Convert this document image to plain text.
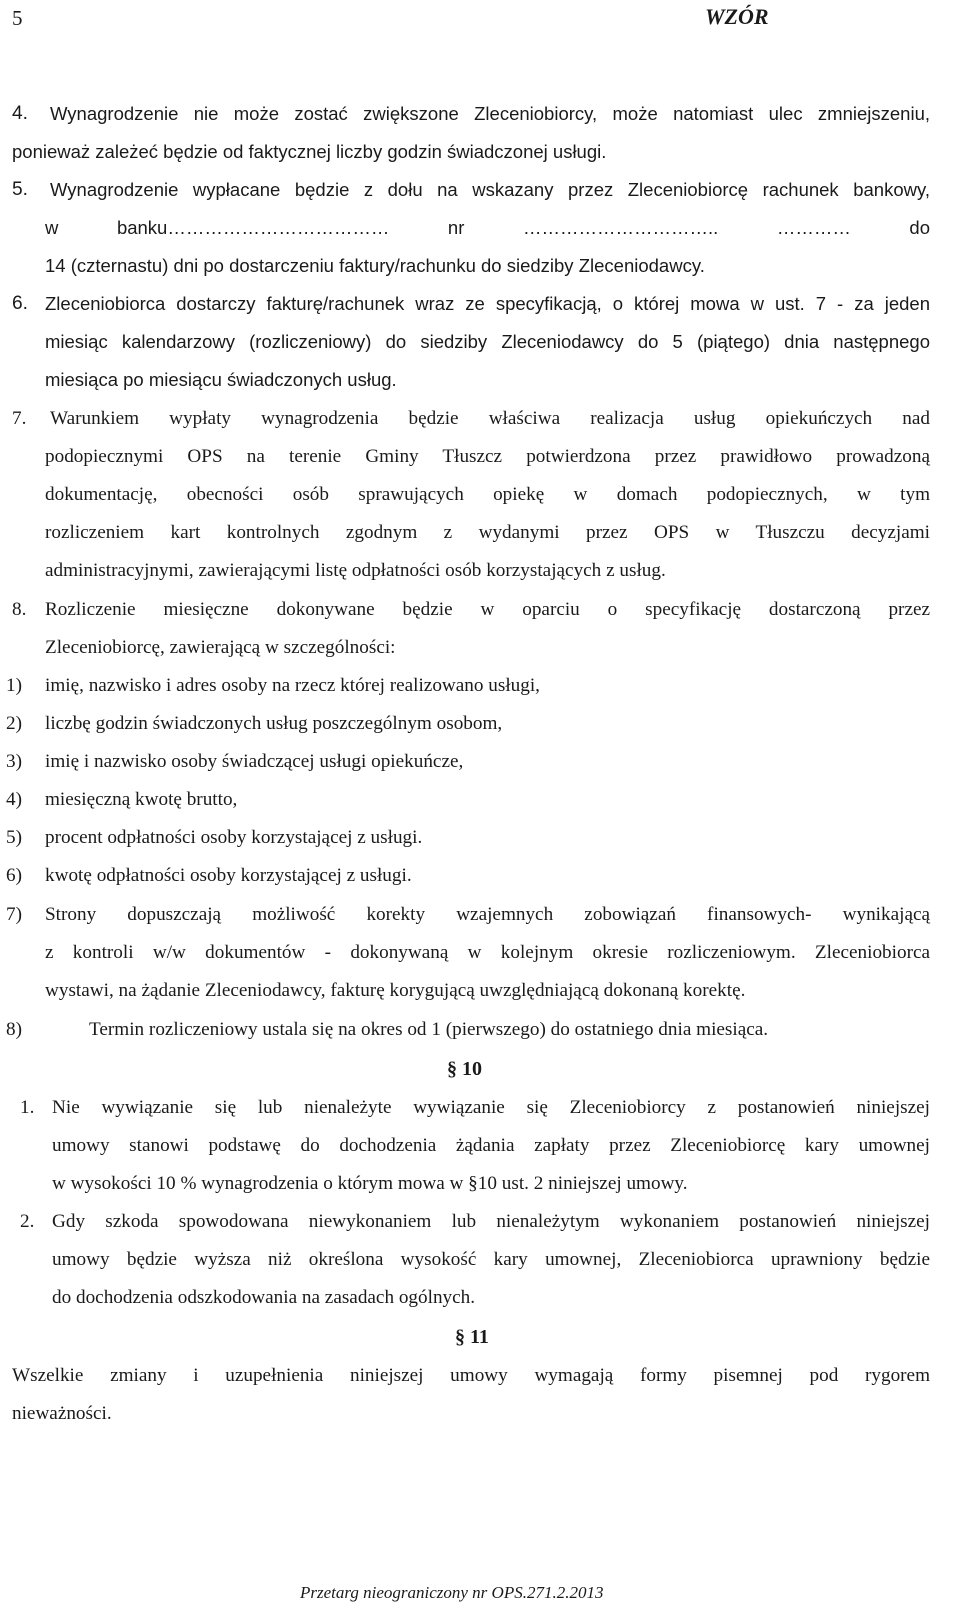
5	WZÓR
4. Wynagrodzenie nie może zostać zwiększone Zleceniobiorcy, może natomiast ulec zmniejszeniu,
ponieważ zależeć będzie od faktycznej liczby godzin świadczonej usługi.
5. Wynagrodzenie wypłacane będzie z dołu na wskazany przez Zleceniobiorcę rachunek bankowy,
w banku……………………………… nr ………………………….. ………… do
14 (czternastu) dni po dostarczeniu faktury/rachunku do siedziby Zleceniodawcy.
6. Zleceniobiorca dostarczy fakturę/rachunek wraz ze specyfikacją, o której mowa w ust. 7 - za jeden
miesiąc kalendarzowy (rozliczeniowy) do siedziby Zleceniodawcy do 5 (piątego) dnia następnego
miesiąca po miesiącu świadczonych usług.
7. Warunkiem wypłaty wynagrodzenia będzie właściwa realizacja usług opiekuńczych nad
podopiecznymi OPS na terenie Gminy Tłuszcz potwierdzona przez prawidłowo prowadzoną
dokumentację, obecności osób sprawujących opiekę w domach podopiecznych, w tym
rozliczeniem kart kontrolnych zgodnym z wydanymi przez OPS w Tłuszczu decyzjami
administracyjnymi, zawierającymi listę odpłatności osób korzystających z usług.
8. Rozliczenie miesięczne dokonywane będzie w oparciu o specyfikację dostarczoną przez
Zleceniobiorcę, zawierającą w szczególności:
1) imię, nazwisko i adres osoby na rzecz której realizowano usługi,
2) liczbę godzin świadczonych usług poszczególnym osobom,
3) imię i nazwisko osoby świadczącej usługi opiekuńcze,
4) miesięczną kwotę brutto,
5) procent odpłatności osoby korzystającej z usługi.
6) kwotę odpłatności osoby korzystającej z usługi.
7) Strony dopuszczają możliwość korekty wzajemnych zobowiązań finansowych- wynikającą
z kontroli w/w dokumentów - dokonywaną w kolejnym okresie rozliczeniowym. Zleceniobiorca
wystawi, na żądanie Zleceniodawcy, fakturę korygującą uwzględniającą dokonaną korektę.
8)	Termin rozliczeniowy ustala się na okres od 1 (pierwszego) do ostatniego dnia miesiąca.
§ 10
1. Nie wywiązanie się lub nienależyte wywiązanie się Zleceniobiorcy z postanowień niniejszej
umowy stanowi podstawę do dochodzenia żądania zapłaty przez Zleceniobiorcę kary umownej
w wysokości 10 % wynagrodzenia o którym mowa w §10 ust. 2 niniejszej umowy.
2. Gdy szkoda spowodowana niewykonaniem lub nienależytym wykonaniem postanowień niniejszej
umowy będzie wyższa niż określona wysokość kary umownej, Zleceniobiorca uprawniony będzie
do dochodzenia odszkodowania na zasadach ogólnych.
§ 11
Wszelkie zmiany i uzupełnienia niniejszej umowy wymagają formy pisemnej pod rygorem
nieważności.
Przetarg nieograniczony nr OPS.271.2.2013
